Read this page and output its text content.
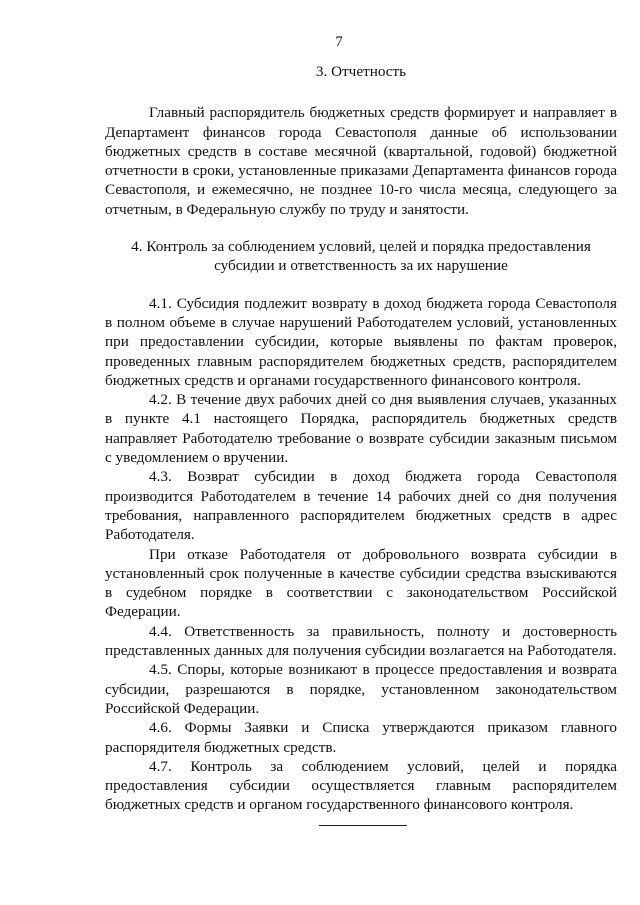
7
3. Отчетность

Главный распорядитель бюджетных средств формирует и направляет в Департамент финансов города Севастополя данные об использовании бюджетных средств в составе месячной (квартальной, годовой) бюджетной отчетности в сроки, установленные приказами Департамента финансов города Севастополя, и ежемесячно, не позднее 10-го числа месяца, следующего за отчетным, в Федеральную службу по труду и занятости.

4. Контроль за соблюдением условий, целей и порядка предоставления субсидии и ответственность за их нарушение

4.1. Субсидия подлежит возврату в доход бюджета города Севастополя в полном объеме в случае нарушений Работодателем условий, установленных при предоставлении субсидии, которые выявлены по фактам проверок, проведенных главным распорядителем бюджетных средств, распорядителем бюджетных средств и органами государственного финансового контроля.

4.2. В течение двух рабочих дней со дня выявления случаев, указанных в пункте 4.1 настоящего Порядка, распорядитель бюджетных средств направляет Работодателю требование о возврате субсидии заказным письмом с уведомлением о вручении.

4.3. Возврат субсидии в доход бюджета города Севастополя производится Работодателем в течение 14 рабочих дней со дня получения требования, направленного распорядителем бюджетных средств в адрес Работодателя.

При отказе Работодателя от добровольного возврата субсидии в установленный срок полученные в качестве субсидии средства взыскиваются в судебном порядке в соответствии с законодательством Российской Федерации.

4.4. Ответственность за правильность, полноту и достоверность представленных данных для получения субсидии возлагается на Работодателя.

4.5. Споры, которые возникают в процессе предоставления и возврата субсидии, разрешаются в порядке, установленном законодательством Российской Федерации.

4.6. Формы Заявки и Списка утверждаются приказом главного распорядителя бюджетных средств.

4.7. Контроль за соблюдением условий, целей и порядка предоставления субсидии осуществляется главным распорядителем бюджетных средств и органом государственного финансового контроля.
